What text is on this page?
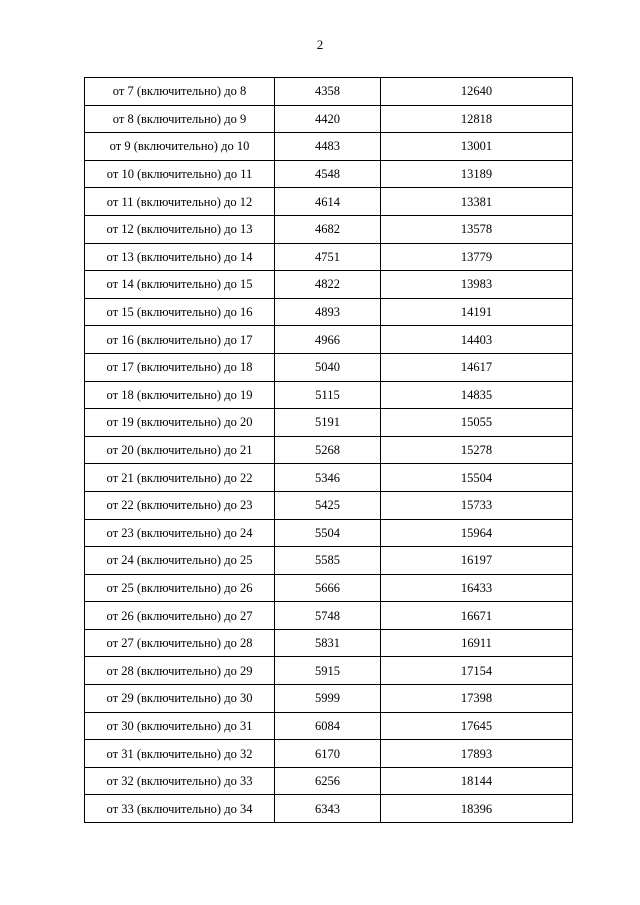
2
от 7 (включительно) до 8	4358	12640
от 8 (включительно) до 9	4420	12818
от 9 (включительно) до 10	4483	13001
от 10 (включительно) до 11	4548	13189
от 11 (включительно) до 12	4614	13381
от 12 (включительно) до 13	4682	13578
от 13 (включительно) до 14	4751	13779
от 14 (включительно) до 15	4822	13983
от 15 (включительно) до 16	4893	14191
от 16 (включительно) до 17	4966	14403
от 17 (включительно) до 18	5040	14617
от 18 (включительно) до 19	5115	14835
от 19 (включительно) до 20	5191	15055
от 20 (включительно) до 21	5268	15278
от 21 (включительно) до 22	5346	15504
от 22 (включительно) до 23	5425	15733
от 23 (включительно) до 24	5504	15964
от 24 (включительно) до 25	5585	16197
от 25 (включительно) до 26	5666	16433
от 26 (включительно) до 27	5748	16671
от 27 (включительно) до 28	5831	16911
от 28 (включительно) до 29	5915	17154
от 29 (включительно) до 30	5999	17398
от 30 (включительно) до 31	6084	17645
от 31 (включительно) до 32	6170	17893
от 32 (включительно) до 33	6256	18144
от 33 (включительно) до 34	6343	18396
